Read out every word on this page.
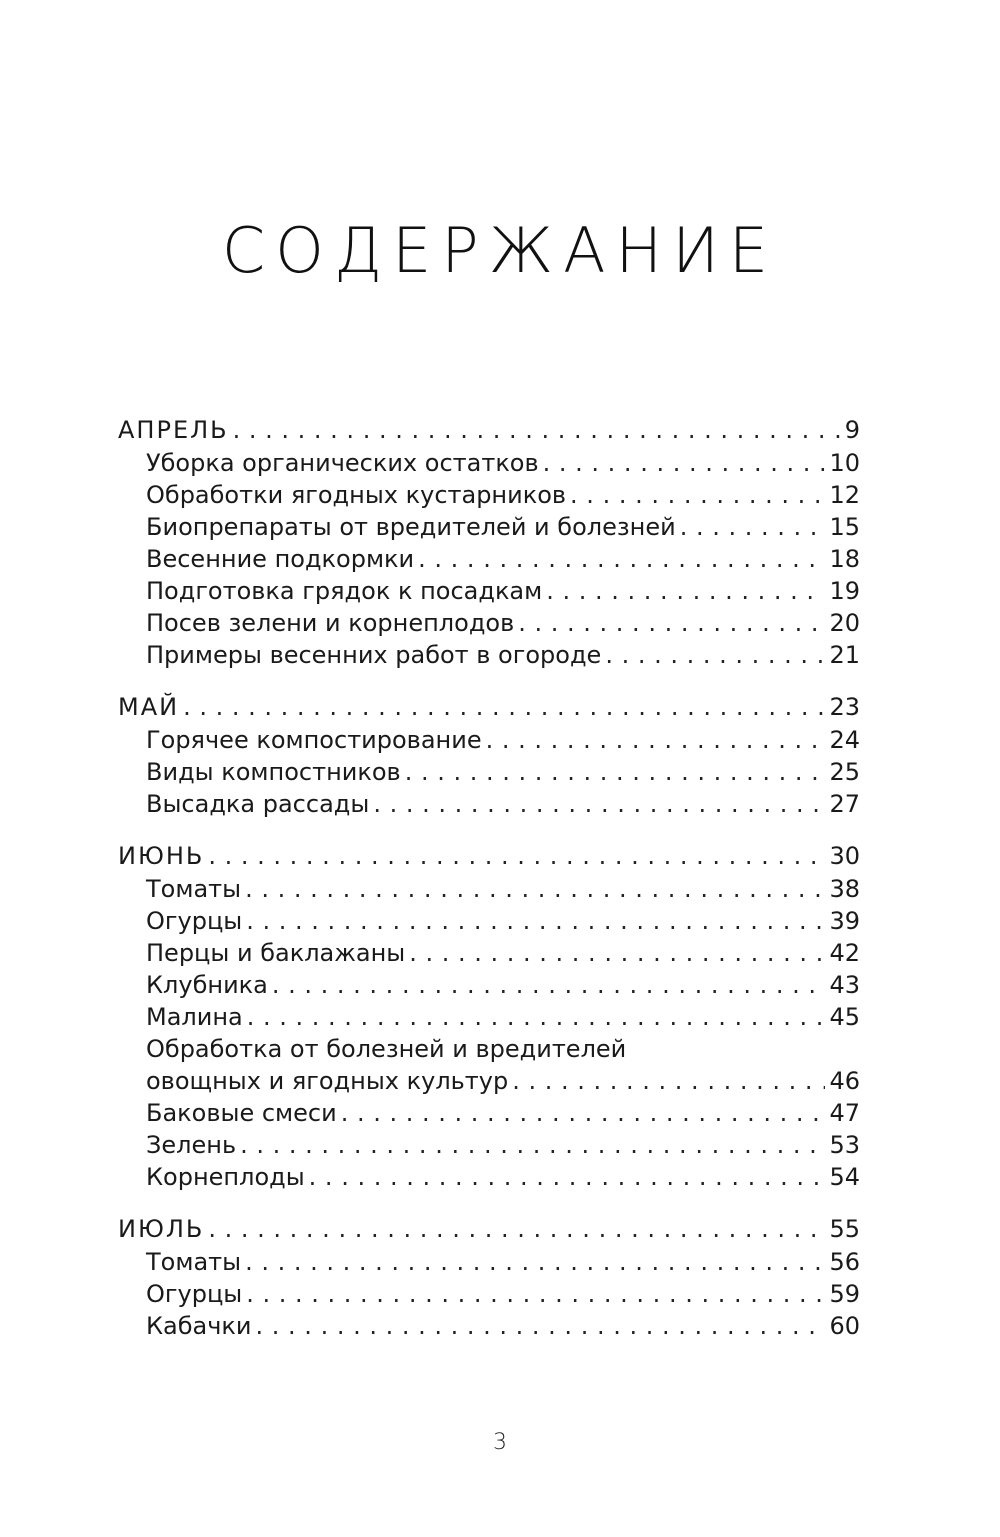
СОДЕРЖАНИЕ
АПРЕЛЬ . . .	9
Уборка органических остатков . . .	10
Обработки ягодных кустарников . . .	12
Биопрепараты от вредителей и болезней . . .	15
Весенние подкормки . . .	18
Подготовка грядок к посадкам . . .	19
Посев зелени и корнеплодов . . .	20
Примеры весенних работ в огороде . . .	21
МАЙ . . .	23
Горячее компостирование . . .	24
Виды компостников . . .	25
Высадка рассады . . .	27
ИЮНЬ . . .	30
Томаты . . .	38
Огурцы . . .	39
Перцы и баклажаны . . .	42
Клубника . . .	43
Малина . . .	45
Обработка от болезней и вредителей
овощных и ягодных культур . . .	46
Баковые смеси . . .	47
Зелень . . .	53
Корнеплоды . . .	54
ИЮЛЬ . . .	55
Томаты . . .	56
Огурцы . . .	59
Кабачки . . .	60
3
